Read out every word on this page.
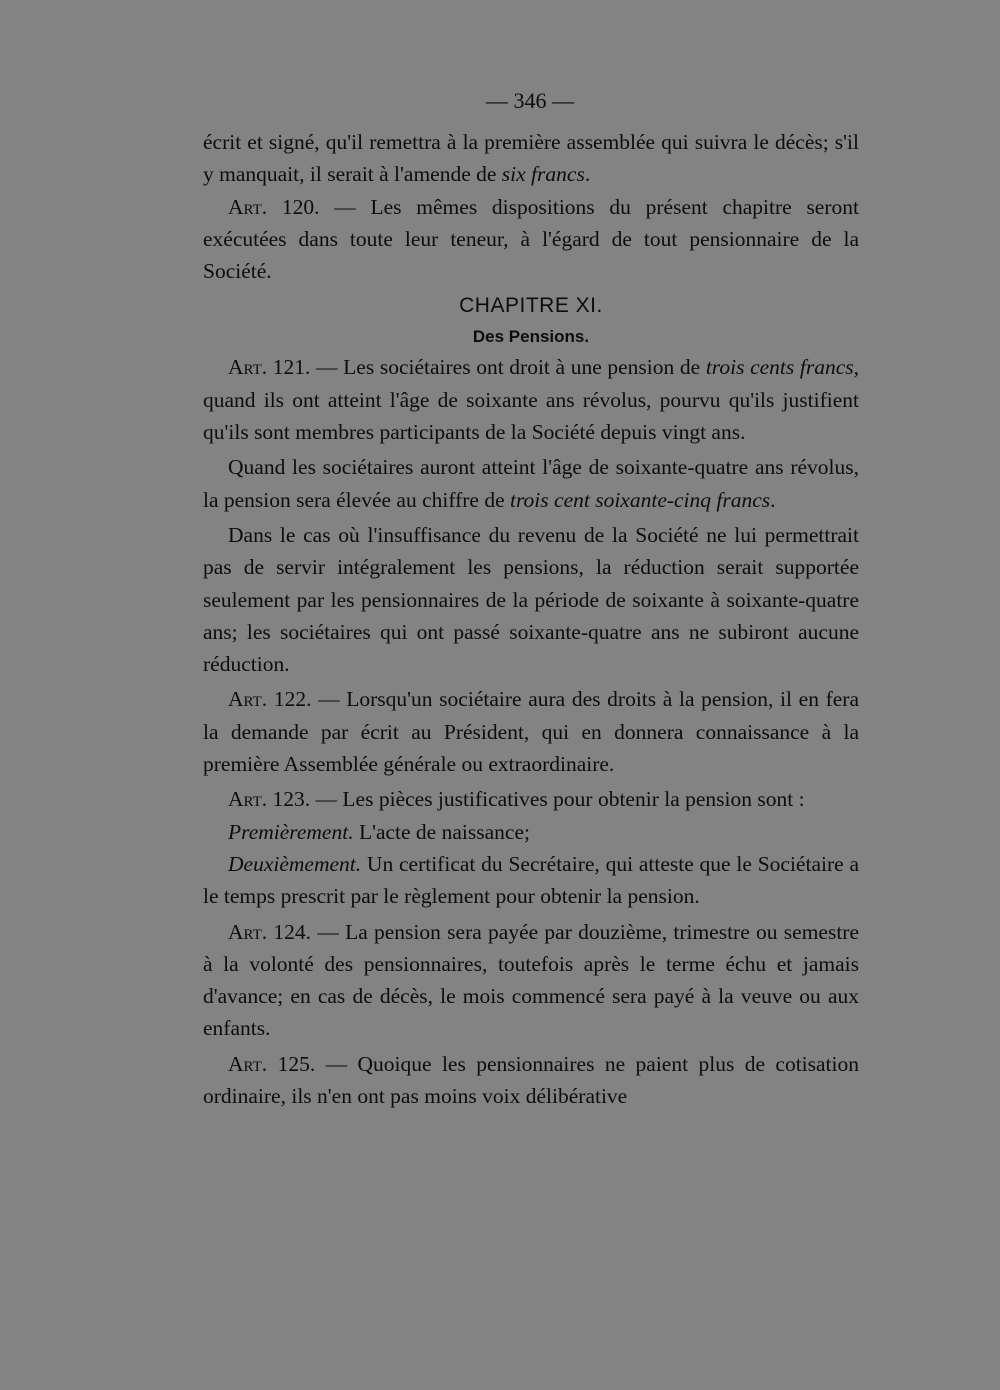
— 346 —

écrit et signé, qu'il remettra à la première assemblée qui suivra le décès; s'il y manquait, il serait à l'amende de six francs.

Art. 120. — Les mêmes dispositions du présent chapitre seront exécutées dans toute leur teneur, à l'égard de tout pensionnaire de la Société.

CHAPITRE XI.
Des Pensions.

Art. 121. — Les sociétaires ont droit à une pension de trois cents francs, quand ils ont atteint l'âge de soixante ans révolus, pourvu qu'ils justifient qu'ils sont membres participants de la Société depuis vingt ans.

Quand les sociétaires auront atteint l'âge de soixante-quatre ans révolus, la pension sera élevée au chiffre de trois cent soixante-cinq francs.

Dans le cas où l'insuffisance du revenu de la Société ne lui permettrait pas de servir intégralement les pensions, la réduction serait supportée seulement par les pensionnaires de la période de soixante à soixante-quatre ans; les sociétaires qui ont passé soixante-quatre ans ne subiront aucune réduction.

Art. 122. — Lorsqu'un sociétaire aura des droits à la pension, il en fera la demande par écrit au Président, qui en donnera connaissance à la première Assemblée générale ou extraordinaire.

Art. 123. — Les pièces justificatives pour obtenir la pension sont :

Premièrement. L'acte de naissance;

Deuxièmement. Un certificat du Secrétaire, qui atteste que le Sociétaire a le temps prescrit par le règlement pour obtenir la pension.

Art. 124. — La pension sera payée par douzième, trimestre ou semestre à la volonté des pensionnaires, toutefois après le terme échu et jamais d'avance; en cas de décès, le mois commencé sera payé à la veuve ou aux enfants.

Art. 125. — Quoique les pensionnaires ne paient plus de cotisation ordinaire, ils n'en ont pas moins voix délibérative
